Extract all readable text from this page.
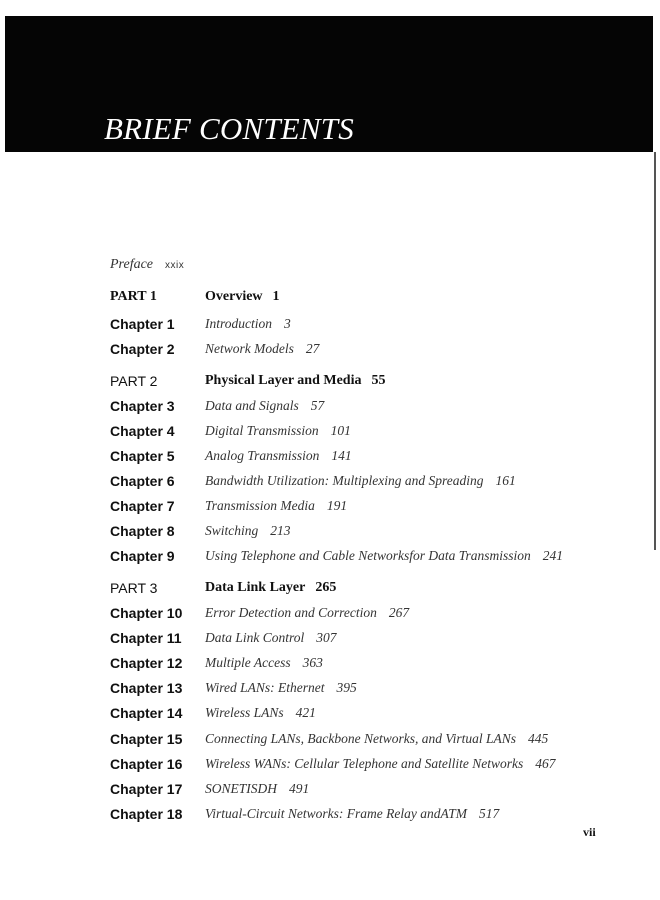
BRIEF CONTENTS
Preface xxix
PART 1	Overview 1
Chapter 1 Introduction 3
Chapter 2 Network Models 27
PART 2	Physical Layer and Media 55
Chapter 3 Data and Signals 57
Chapter 4 Digital Transmission 101
Chapter 5 Analog Transmission 141
Chapter 6 Bandwidth Utilization: Multiplexing and Spreading 161
Chapter 7 Transmission Media 191
Chapter 8 Switching 213
Chapter 9 Using Telephone and Cable Networksfor Data Transmission 241
PART 3	Data Link Layer 265
Chapter 10 Error Detection and Correction 267
Chapter 11 Data Link Control 307
Chapter 12 Multiple Access 363
Chapter 13 Wired LANs: Ethernet 395
Chapter 14 Wireless LANs 421
Chapter 15 Connecting LANs, Backbone Networks, and Virtual LANs 445
Chapter 16 Wireless WANs: Cellular Telephone and Satellite Networks 467
Chapter 17 SONETISDH 491
Chapter 18 Virtual-Circuit Networks: Frame Relay andATM 517
vii
